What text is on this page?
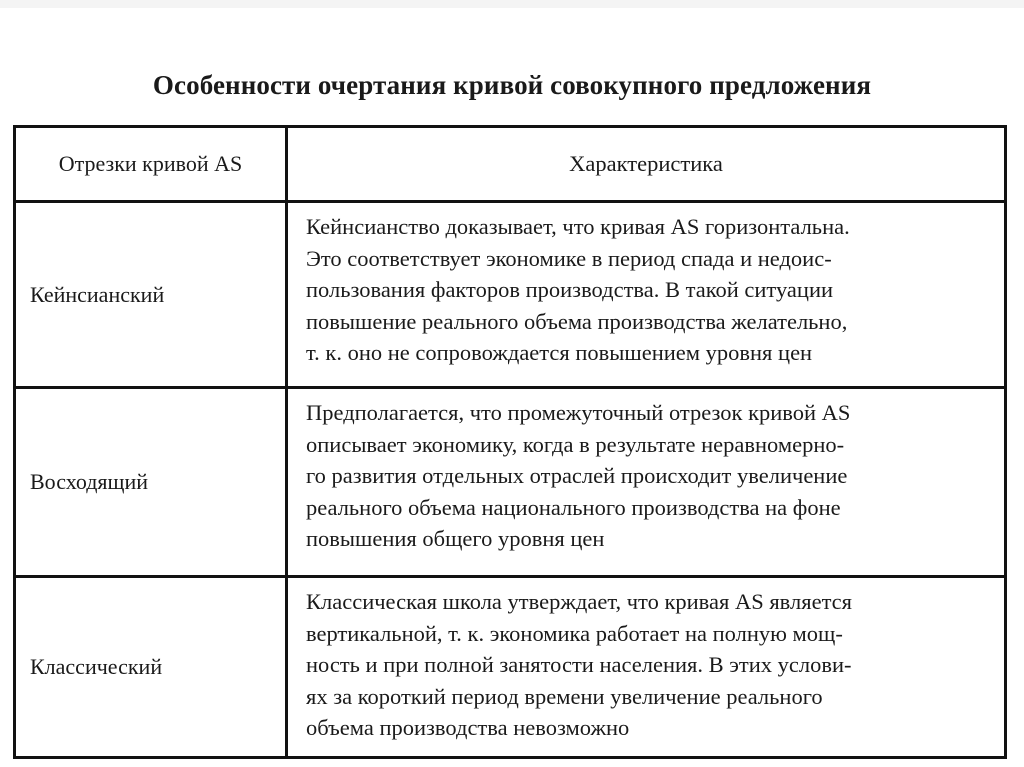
Особенности очертания кривой совокупного предложения
Отрезки кривой AS	Характеристика
Кейнсианский
Кейнсианство доказывает, что кривая AS горизонтальна.
Это соответствует экономике в период спада и недоис-
пользования факторов производства. В такой ситуации
повышение реального объема производства желательно,
т. к. оно не сопровождается повышением уровня цен
Восходящий
Предполагается, что промежуточный отрезок кривой AS
описывает экономику, когда в результате неравномерно-
го развития отдельных отраслей происходит увеличение
реального объема национального производства на фоне
повышения общего уровня цен
Классический
Классическая школа утверждает, что кривая AS является
вертикальной, т. к. экономика работает на полную мощ-
ность и при полной занятости населения. В этих услови-
ях за короткий период времени увеличение реального
объема производства невозможно
